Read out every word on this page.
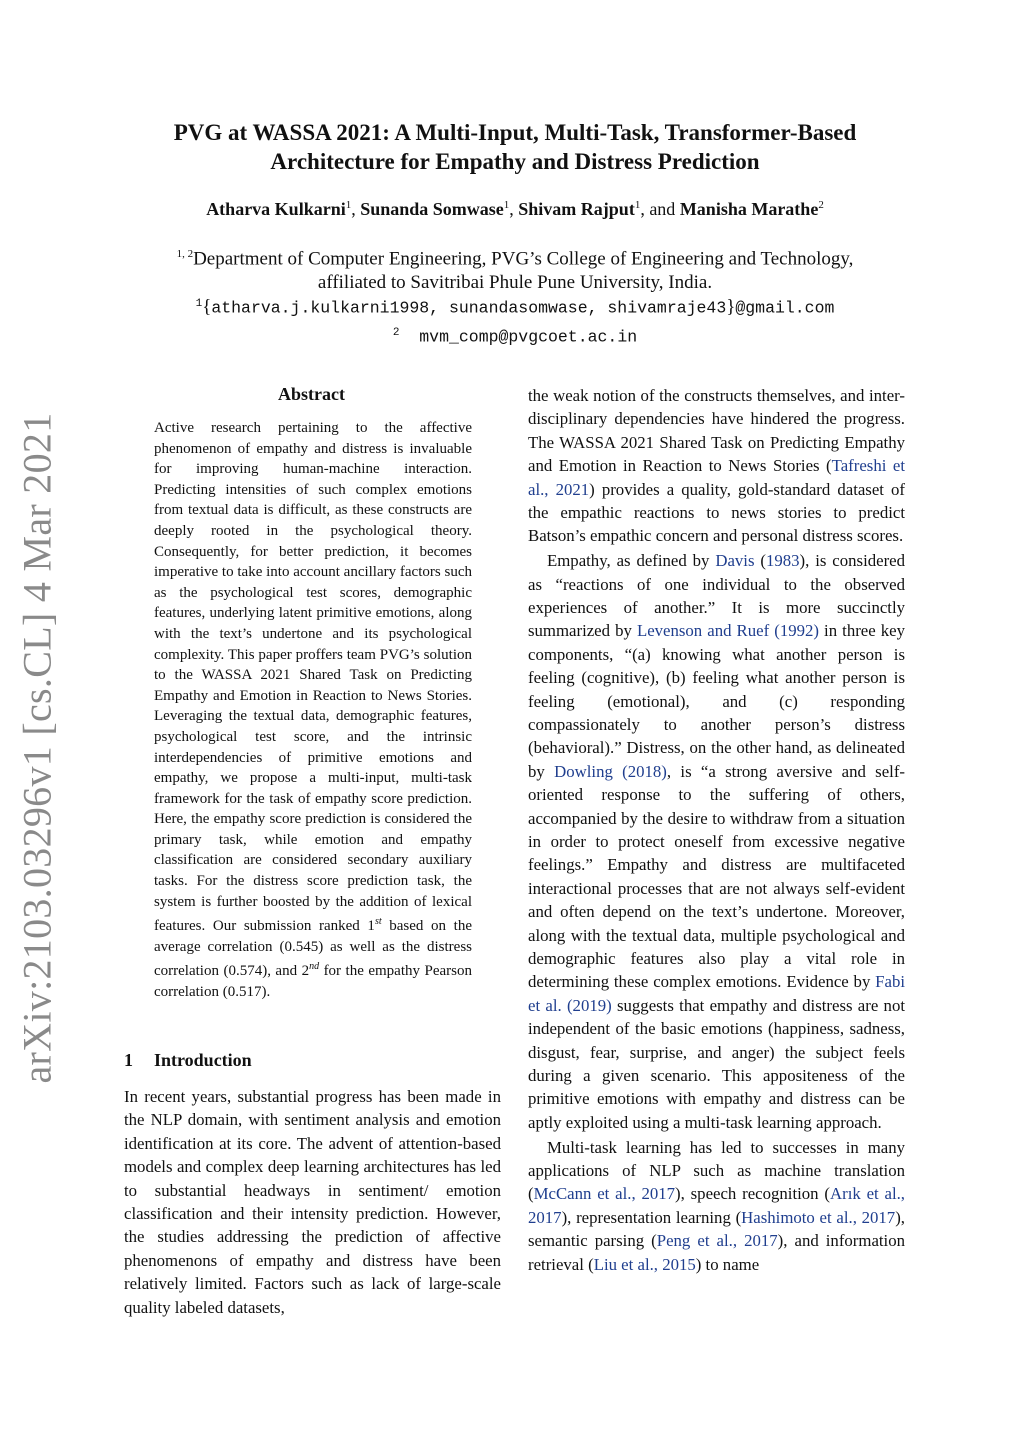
arXiv:2103.03296v1 [cs.CL] 4 Mar 2021
PVG at WASSA 2021: A Multi-Input, Multi-Task, Transformer-Based
Architecture for Empathy and Distress Prediction
Atharva Kulkarni$^1$, Sunanda Somwase$^1$, Shivam Rajput$^1$, and Manisha Marathe$^2$
$^{1, 2}$Department of Computer Engineering, PVG’s College of Engineering and Technology,
affiliated to Savitribai Phule Pune University, India.
$^1${atharva.j.kulkarni1998, sunandasomwase, shivamraje43}@gmail.com
$^2$ mvm_comp@pvgcoet.ac.in
Abstract
Active research pertaining to the affective phenomenon of empathy and distress is invaluable for improving human-machine interaction. Predicting intensities of such complex emotions from textual data is difficult, as these constructs are deeply rooted in the psychological theory. Consequently, for better prediction, it becomes imperative to take into account ancillary factors such as the psychological test scores, demographic features, underlying latent primitive emotions, along with the text’s undertone and its psychological complexity. This paper proffers team PVG’s solution to the WASSA 2021 Shared Task on Predicting Empathy and Emotion in Reaction to News Stories. Leveraging the textual data, demographic features, psychological test score, and the intrinsic interdependencies of primitive emotions and empathy, we propose a multi-input, multi-task framework for the task of empathy score prediction. Here, the empathy score prediction is considered the primary task, while emotion and empathy classification are considered secondary auxiliary tasks. For the distress score prediction task, the system is further boosted by the addition of lexical features. Our submission ranked 1st based on the average correlation (0.545) as well as the distress correlation (0.574), and 2nd for the empathy Pearson correlation (0.517).
1 Introduction
In recent years, substantial progress has been made in the NLP domain, with sentiment analysis and emotion identification at its core. The advent of attention-based models and complex deep learning architectures has led to substantial headways in sentiment/ emotion classification and their intensity prediction. However, the studies addressing the prediction of affective phenomenons of empathy and distress have been relatively limited. Factors such as lack of large-scale quality labeled datasets,

the weak notion of the constructs themselves, and inter-disciplinary dependencies have hindered the progress. The WASSA 2021 Shared Task on Predicting Empathy and Emotion in Reaction to News Stories (Tafreshi et al., 2021) provides a quality, gold-standard dataset of the empathic reactions to news stories to predict Batson’s empathic concern and personal distress scores.

Empathy, as defined by Davis (1983), is considered as “reactions of one individual to the observed experiences of another.” It is more succinctly summarized by Levenson and Ruef (1992) in three key components, “(a) knowing what another person is feeling (cognitive), (b) feeling what another person is feeling (emotional), and (c) responding compassionately to another person’s distress (behavioral).” Distress, on the other hand, as delineated by Dowling (2018), is “a strong aversive and self-oriented response to the suffering of others, accompanied by the desire to withdraw from a situation in order to protect oneself from excessive negative feelings.” Empathy and distress are multifaceted interactional processes that are not always self-evident and often depend on the text’s undertone. Moreover, along with the textual data, multiple psychological and demographic features also play a vital role in determining these complex emotions. Evidence by Fabi et al. (2019) suggests that empathy and distress are not independent of the basic emotions (happiness, sadness, disgust, fear, surprise, and anger) the subject feels during a given scenario. This appositeness of the primitive emotions with empathy and distress can be aptly exploited using a multi-task learning approach.

Multi-task learning has led to successes in many applications of NLP such as machine translation (McCann et al., 2017), speech recognition (Arık et al., 2017), representation learning (Hashimoto et al., 2017), semantic parsing (Peng et al., 2017), and information retrieval (Liu et al., 2015) to name
